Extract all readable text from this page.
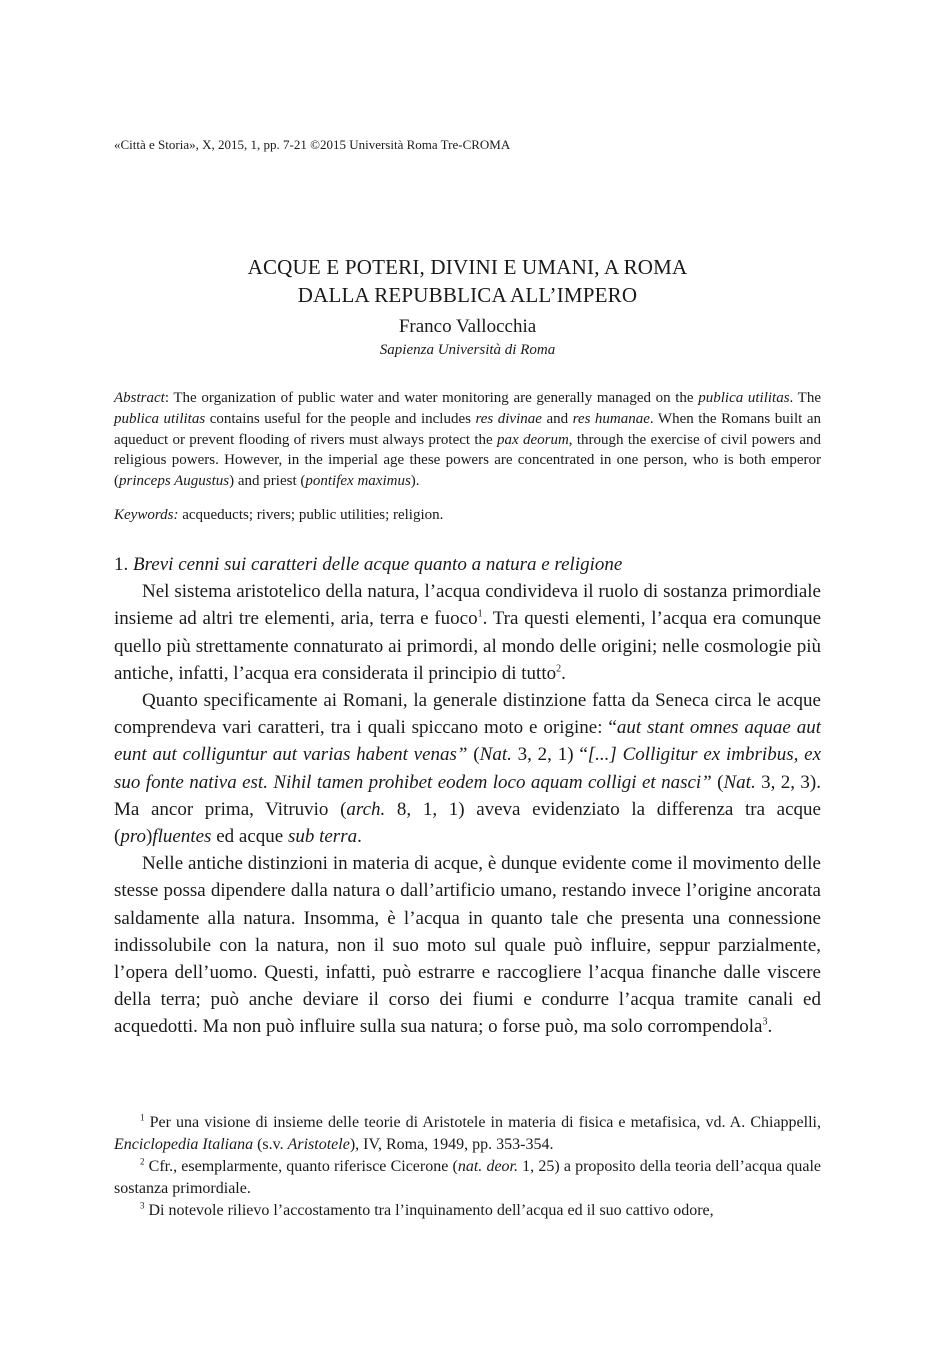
«Città e Storia», X, 2015, 1, pp. 7-21 ©2015 Università Roma Tre-CROMA
ACQUE E POTERI, DIVINI E UMANI, A ROMA
DALLA REPUBBLICA ALL’IMPERO
Franco Vallocchia
Sapienza Università di Roma

Abstract: The organization of public water and water monitoring are generally managed on the publica utilitas. The publica utilitas contains useful for the people and includes res divinae and res humanae. When the Romans built an aqueduct or prevent flooding of rivers must always protect the pax deorum, through the exercise of civil powers and religious powers. However, in the imperial age these powers are concentrated in one person, who is both emperor (princeps Augustus) and priest (pontifex maximus).

Keywords: acqueducts; rivers; public utilities; religion.

1. Brevi cenni sui caratteri delle acque quanto a natura e religione

Nel sistema aristotelico della natura, l’acqua condivideva il ruolo di sostanza primordiale insieme ad altri tre elementi, aria, terra e fuoco$^1$. Tra questi elementi, l’acqua era comunque quello più strettamente connaturato ai primordi, al mondo delle origini; nelle cosmologie più antiche, infatti, l’acqua era considerata il principio di tutto$^2$.

Quanto specificamente ai Romani, la generale distinzione fatta da Seneca circa le acque comprendeva vari caratteri, tra i quali spiccano moto e origine: “aut stant omnes aquae aut eunt aut colliguntur aut varias habent venas” (Nat. 3, 2, 1) “[...] Colligitur ex imbribus, ex suo fonte nativa est. Nihil tamen prohibet eodem loco aquam colligi et nasci” (Nat. 3, 2, 3). Ma ancor prima, Vitruvio (arch. 8, 1, 1) aveva evidenziato la differenza tra acque (pro)fluentes ed acque sub terra.

Nelle antiche distinzioni in materia di acque, è dunque evidente come il movimento delle stesse possa dipendere dalla natura o dall’artificio umano, restando invece l’origine ancorata saldamente alla natura. Insomma, è l’acqua in quanto tale che presenta una connessione indissolubile con la natura, non il suo moto sul quale può influire, seppur parzialmente, l’opera dell’uomo. Questi, infatti, può estrarre e raccogliere l’acqua finanche dalle viscere della terra; può anche deviare il corso dei fiumi e condurre l’acqua tramite canali ed acquedotti. Ma non può influire sulla sua natura; o forse può, ma solo corrompendola$^3$.

$^1$ Per una visione di insieme delle teorie di Aristotele in materia di fisica e metafisica, vd. A. Chiappelli, Enciclopedia Italiana (s.v. Aristotele), IV, Roma, 1949, pp. 353-354.

$^2$ Cfr., esemplarmente, quanto riferisce Cicerone (nat. deor. 1, 25) a proposito della teoria dell’acqua quale sostanza primordiale.

$^3$ Di notevole rilievo l’accostamento tra l’inquinamento dell’acqua ed il suo cattivo odore,
